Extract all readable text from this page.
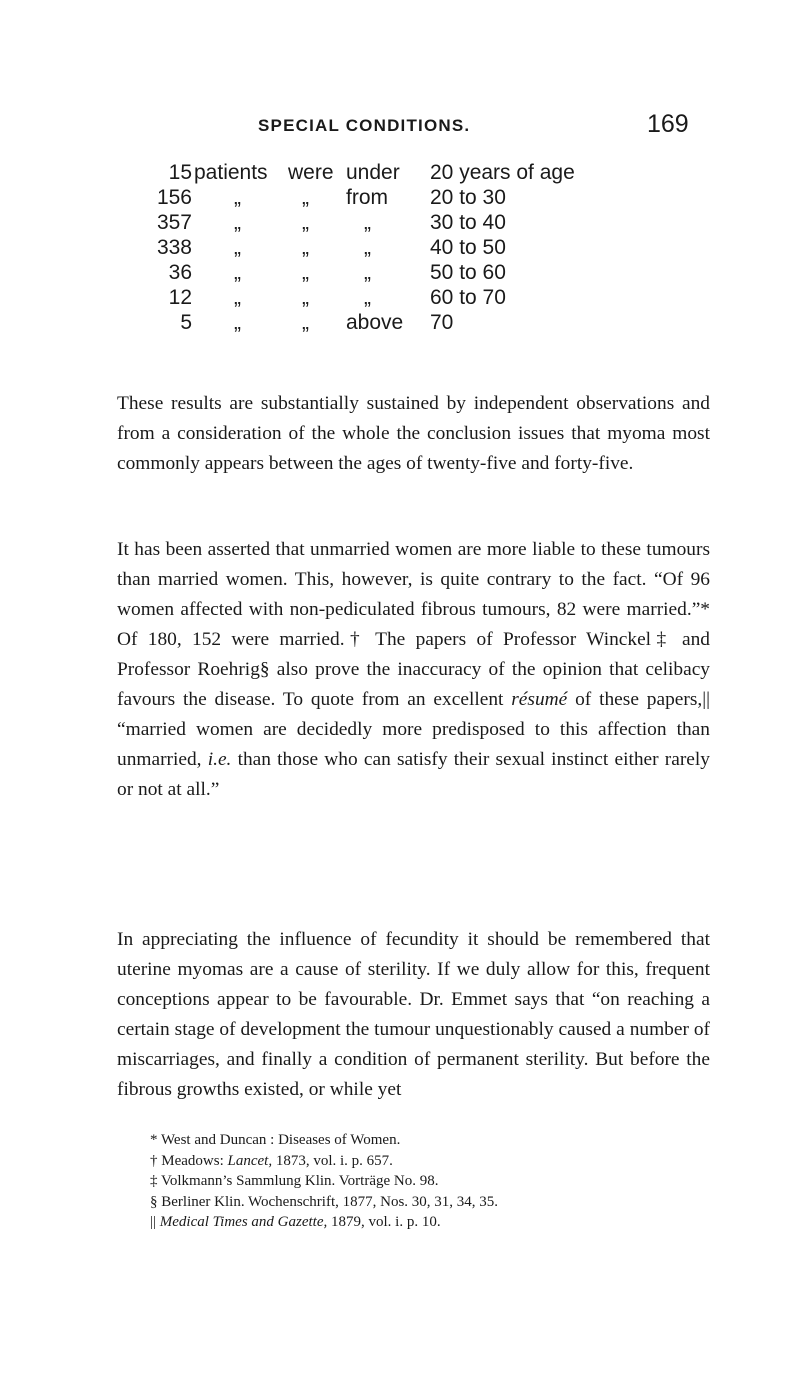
SPECIAL CONDITIONS.	169
15 patients were under	20 years of age
156 „	„	from	20 to 30
357 „	„	„	30 to 40
338 „	„	„	40 to 50
36 „	„	„	50 to 60
12 „	„	„	60 to 70
5 „	„	above	70

These results are substantially sustained by independent observations and from a consideration of the whole the conclusion issues that myoma most commonly appears between the ages of twenty-five and forty-five.

It has been asserted that unmarried women are more liable to these tumours than married women. This, however, is quite contrary to the fact. “Of 96 women affected with non-pediculated fibrous tumours, 82 were married.”* Of 180, 152 were married.† The papers of Professor Winckel‡ and Professor Roehrig§ also prove the inaccuracy of the opinion that celibacy favours the disease. To quote from an excellent résumé of these papers,|| “married women are decidedly more predisposed to this affection than unmarried, i.e. than those who can satisfy their sexual instinct either rarely or not at all.”

In appreciating the influence of fecundity it should be remembered that uterine myomas are a cause of sterility. If we duly allow for this, frequent conceptions appear to be favourable. Dr. Emmet says that “on reaching a certain stage of development the tumour unquestionably caused a number of miscarriages, and finally a condition of permanent sterility. But before the fibrous growths existed, or while yet

* West and Duncan : Diseases of Women.
† Meadows: Lancet, 1873, vol. i. p. 657.
‡ Volkmann’s Sammlung Klin. Vorträge No. 98.
§ Berliner Klin. Wochenschrift, 1877, Nos. 30, 31, 34, 35.
|| Medical Times and Gazette, 1879, vol. i. p. 10.
